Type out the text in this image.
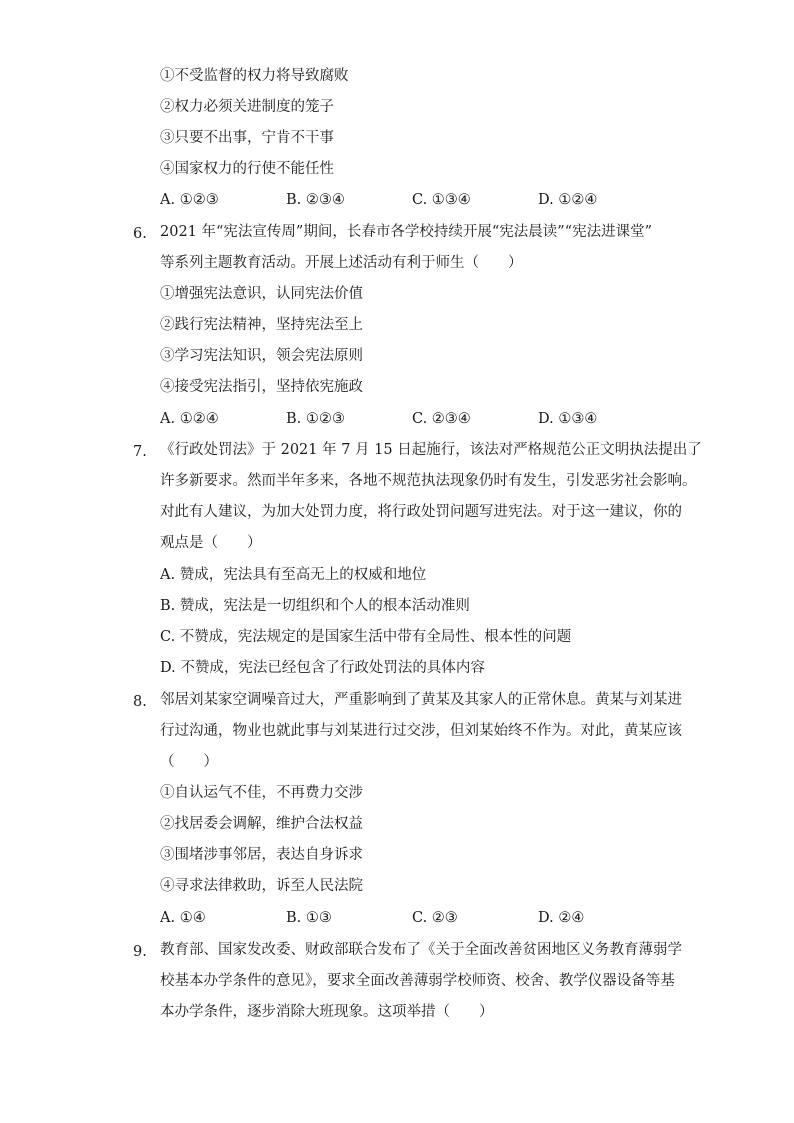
①不受监督的权力将导致腐败
②权力必须关进制度的笼子
③只要不出事，宁肯不干事
④国家权力的行使不能任性
A. ①②③	B. ②③④	C. ①③④	D. ①②④
6. 2021 年“宪法宣传周”期间，长春市各学校持续开展“宪法晨读”“宪法进课堂”
等系列主题教育活动。开展上述活动有利于师生（　　）
①增强宪法意识，认同宪法价值
②践行宪法精神，坚持宪法至上
③学习宪法知识，领会宪法原则
④接受宪法指引，坚持依宪施政
A. ①②④	B. ①②③	C. ②③④	D. ①③④
7. 《行政处罚法》于 2021 年 7 月 15 日起施行，该法对严格规范公正文明执法提出了
许多新要求。然而半年多来，各地不规范执法现象仍时有发生，引发恶劣社会影响。
对此有人建议，为加大处罚力度，将行政处罚问题写进宪法。对于这一建议，你的
观点是（　　）
A. 赞成，宪法具有至高无上的权威和地位
B. 赞成，宪法是一切组织和个人的根本活动准则
C. 不赞成，宪法规定的是国家生活中带有全局性、根本性的问题
D. 不赞成，宪法已经包含了行政处罚法的具体内容
8. 邻居刘某家空调噪音过大，严重影响到了黄某及其家人的正常休息。黄某与刘某进
行过沟通，物业也就此事与刘某进行过交涉，但刘某始终不作为。对此，黄某应该
（　　）
①自认运气不佳，不再费力交涉
②找居委会调解，维护合法权益
③围堵涉事邻居，表达自身诉求
④寻求法律救助，诉至人民法院
A. ①④	B. ①③	C. ②③	D. ②④
9. 教育部、国家发改委、财政部联合发布了《关于全面改善贫困地区义务教育薄弱学
校基本办学条件的意见》，要求全面改善薄弱学校师资、校舍、教学仪器设备等基
本办学条件，逐步消除大班现象。这项举措（　　）
